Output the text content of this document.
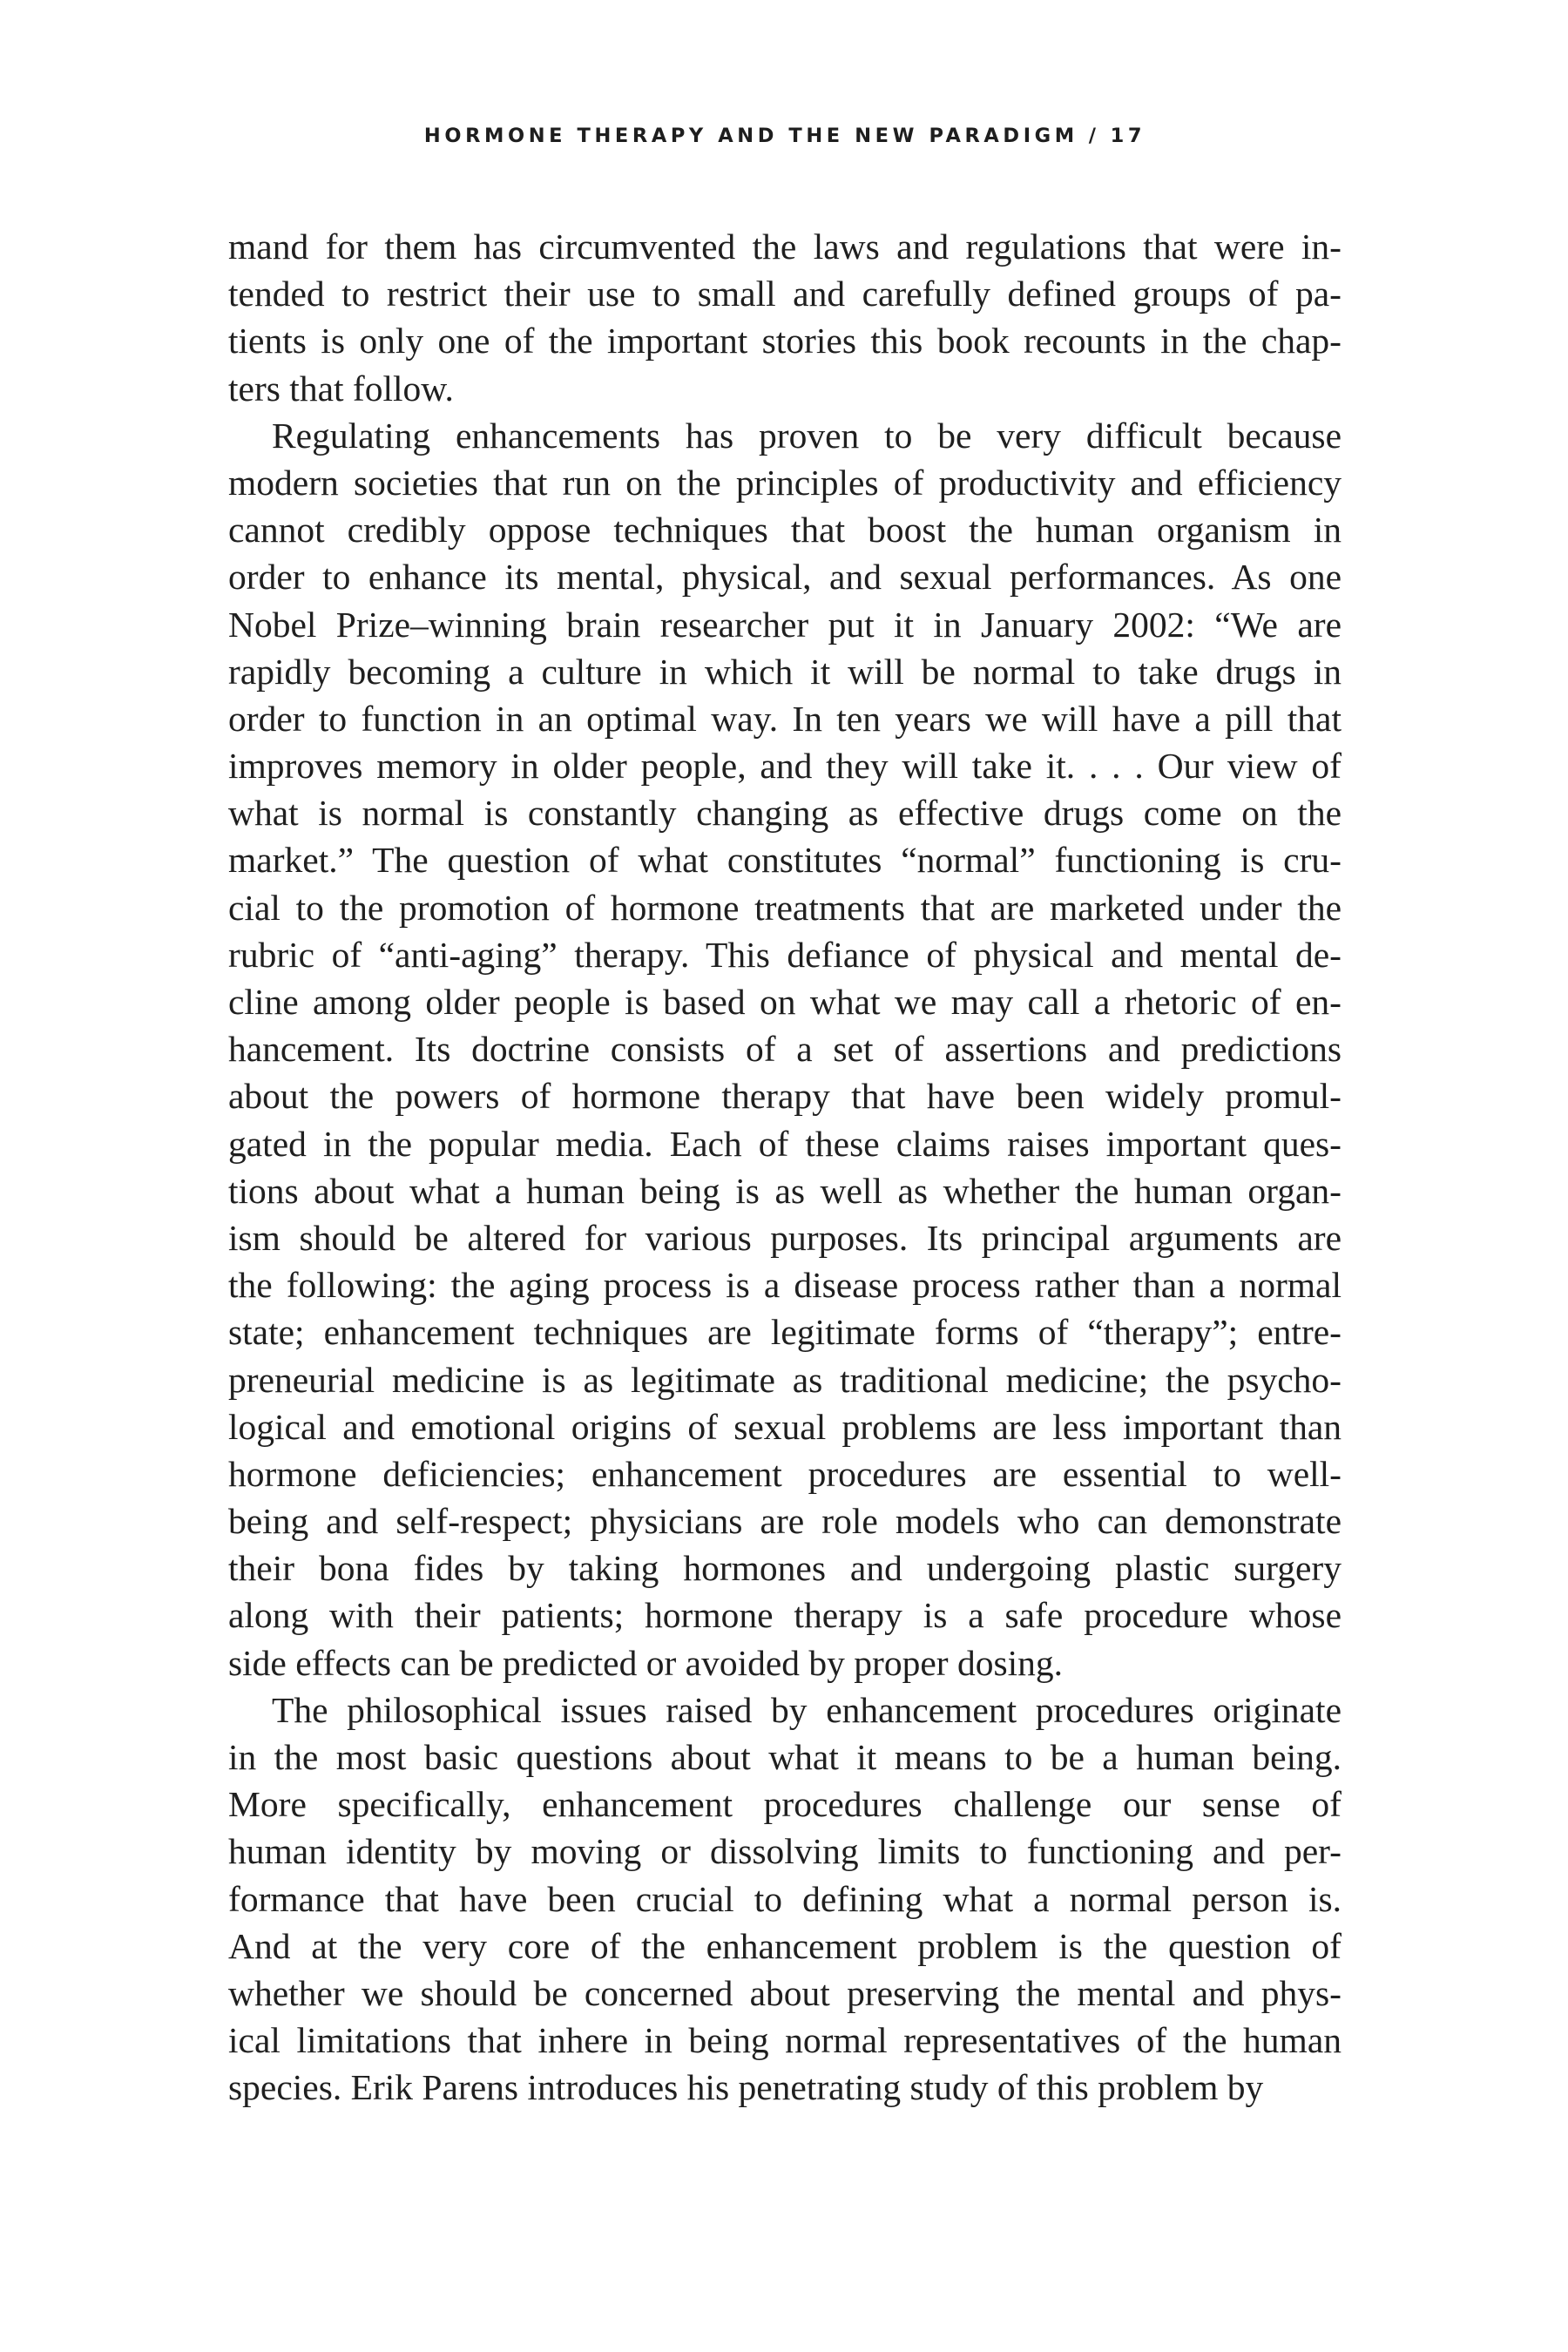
HORMONE THERAPY AND THE NEW PARADIGM / 17
mand for them has circumvented the laws and regulations that were in-
tended to restrict their use to small and carefully defined groups of pa-
tients is only one of the important stories this book recounts in the chap-
ters that follow.
Regulating enhancements has proven to be very difficult because
modern societies that run on the principles of productivity and efficiency
cannot credibly oppose techniques that boost the human organism in
order to enhance its mental, physical, and sexual performances. As one
Nobel Prize–winning brain researcher put it in January 2002: “We are
rapidly becoming a culture in which it will be normal to take drugs in
order to function in an optimal way. In ten years we will have a pill that
improves memory in older people, and they will take it. . . . Our view of
what is normal is constantly changing as effective drugs come on the
market.” The question of what constitutes “normal” functioning is cru-
cial to the promotion of hormone treatments that are marketed under the
rubric of “anti-aging” therapy. This defiance of physical and mental de-
cline among older people is based on what we may call a rhetoric of en-
hancement. Its doctrine consists of a set of assertions and predictions
about the powers of hormone therapy that have been widely promul-
gated in the popular media. Each of these claims raises important ques-
tions about what a human being is as well as whether the human organ-
ism should be altered for various purposes. Its principal arguments are
the following: the aging process is a disease process rather than a normal
state; enhancement techniques are legitimate forms of “therapy”; entre-
preneurial medicine is as legitimate as traditional medicine; the psycho-
logical and emotional origins of sexual problems are less important than
hormone deficiencies; enhancement procedures are essential to well-
being and self-respect; physicians are role models who can demonstrate
their bona fides by taking hormones and undergoing plastic surgery
along with their patients; hormone therapy is a safe procedure whose
side effects can be predicted or avoided by proper dosing.
The philosophical issues raised by enhancement procedures originate
in the most basic questions about what it means to be a human being.
More specifically, enhancement procedures challenge our sense of
human identity by moving or dissolving limits to functioning and per-
formance that have been crucial to defining what a normal person is.
And at the very core of the enhancement problem is the question of
whether we should be concerned about preserving the mental and phys-
ical limitations that inhere in being normal representatives of the human
species. Erik Parens introduces his penetrating study of this problem by
